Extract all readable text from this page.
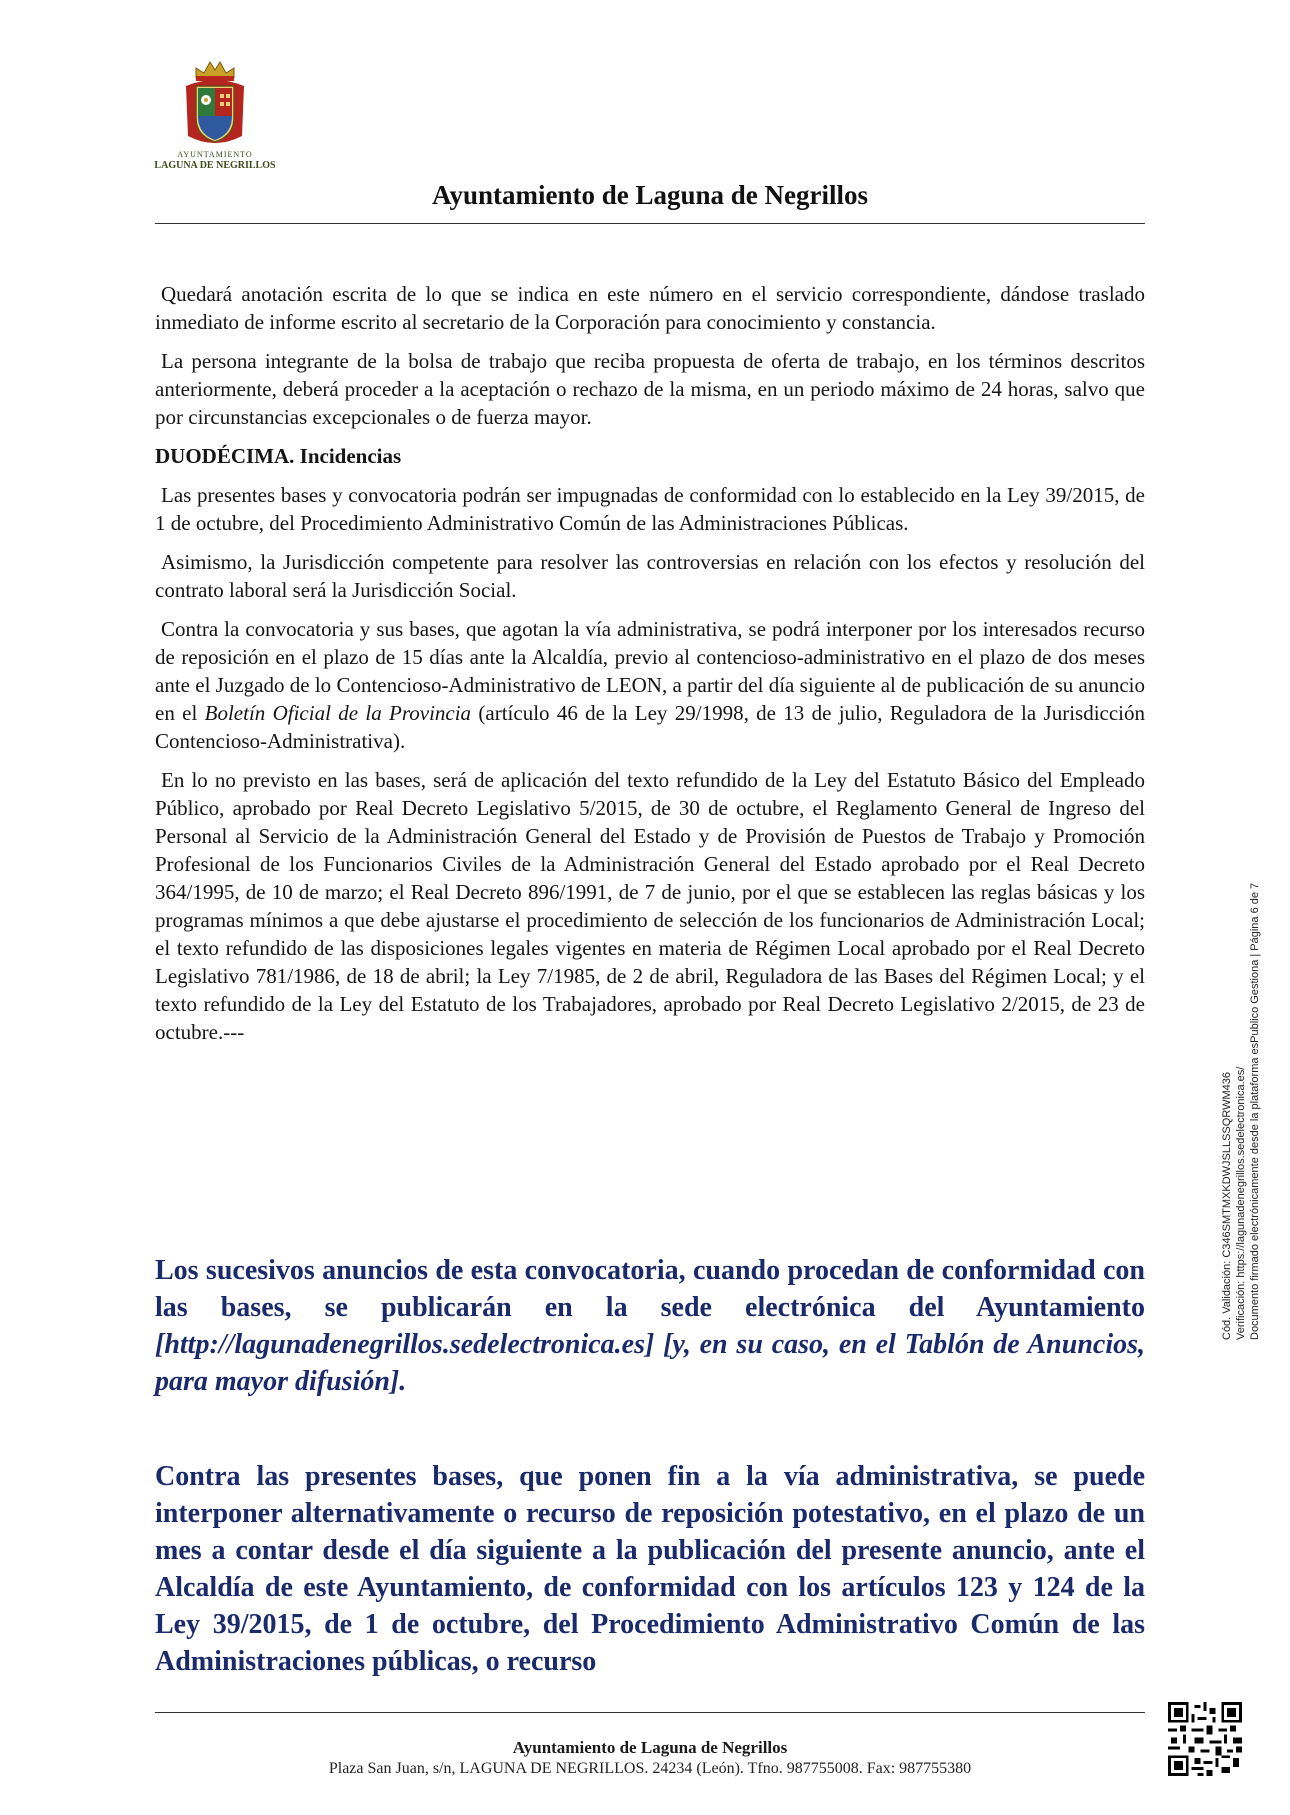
AYUNTAMIENTO
LAGUNA DE NEGRILLOS
Ayuntamiento de Laguna de Negrillos

Quedará anotación escrita de lo que se indica en este número en el servicio correspondiente, dándose traslado inmediato de informe escrito al secretario de la Corporación para conocimiento y constancia.

La persona integrante de la bolsa de trabajo que reciba propuesta de oferta de trabajo, en los términos descritos anteriormente, deberá proceder a la aceptación o rechazo de la misma, en un periodo máximo de 24 horas, salvo que por circunstancias excepcionales o de fuerza mayor.

DUODÉCIMA. Incidencias

Las presentes bases y convocatoria podrán ser impugnadas de conformidad con lo establecido en la Ley 39/2015, de 1 de octubre, del Procedimiento Administrativo Común de las Administraciones Públicas.

Asimismo, la Jurisdicción competente para resolver las controversias en relación con los efectos y resolución del contrato laboral será la Jurisdicción Social.

Contra la convocatoria y sus bases, que agotan la vía administrativa, se podrá interponer por los interesados recurso de reposición en el plazo de 15 días ante la Alcaldía, previo al contencioso-administrativo en el plazo de dos meses ante el Juzgado de lo Contencioso-Administrativo de LEON, a partir del día siguiente al de publicación de su anuncio en el Boletín Oficial de la Provincia (artículo 46 de la Ley 29/1998, de 13 de julio, Reguladora de la Jurisdicción Contencioso-Administrativa).

En lo no previsto en las bases, será de aplicación del texto refundido de la Ley del Estatuto Básico del Empleado Público, aprobado por Real Decreto Legislativo 5/2015, de 30 de octubre, el Reglamento General de Ingreso del Personal al Servicio de la Administración General del Estado y de Provisión de Puestos de Trabajo y Promoción Profesional de los Funcionarios Civiles de la Administración General del Estado aprobado por el Real Decreto 364/1995, de 10 de marzo; el Real Decreto 896/1991, de 7 de junio, por el que se establecen las reglas básicas y los programas mínimos a que debe ajustarse el procedimiento de selección de los funcionarios de Administración Local; el texto refundido de las disposiciones legales vigentes en materia de Régimen Local aprobado por el Real Decreto Legislativo 781/1986, de 18 de abril; la Ley 7/1985, de 2 de abril, Reguladora de las Bases del Régimen Local; y el texto refundido de la Ley del Estatuto de los Trabajadores, aprobado por Real Decreto Legislativo 2/2015, de 23 de octubre.---

Los sucesivos anuncios de esta convocatoria, cuando procedan de conformidad con las bases, se publicarán en la sede electrónica del Ayuntamiento [http://lagunadenegrillos.sedelectronica.es] [y, en su caso, en el Tablón de Anuncios, para mayor difusión].
Contra las presentes bases, que ponen fin a la vía administrativa, se puede interponer alternativamente o recurso de reposición potestativo, en el plazo de un mes a contar desde el día siguiente a la publicación del presente anuncio, ante el Alcaldía de este Ayuntamiento, de conformidad con los artículos 123 y 124 de la Ley 39/2015, de 1 de octubre, del Procedimiento Administrativo Común de las Administraciones públicas, o recurso
Cód. Validación: C346SMTMXKDWJSLLSSQRWM436 Verificación: https://lagunadenegrillos.sedelectronica.es/ Documento firmado electrónicamente desde la plataforma esPublico Gestiona | Página 6 de 7
Ayuntamiento de Laguna de Negrillos
Plaza San Juan, s/n, LAGUNA DE NEGRILLOS. 24234 (León). Tfno. 987755008. Fax: 987755380
